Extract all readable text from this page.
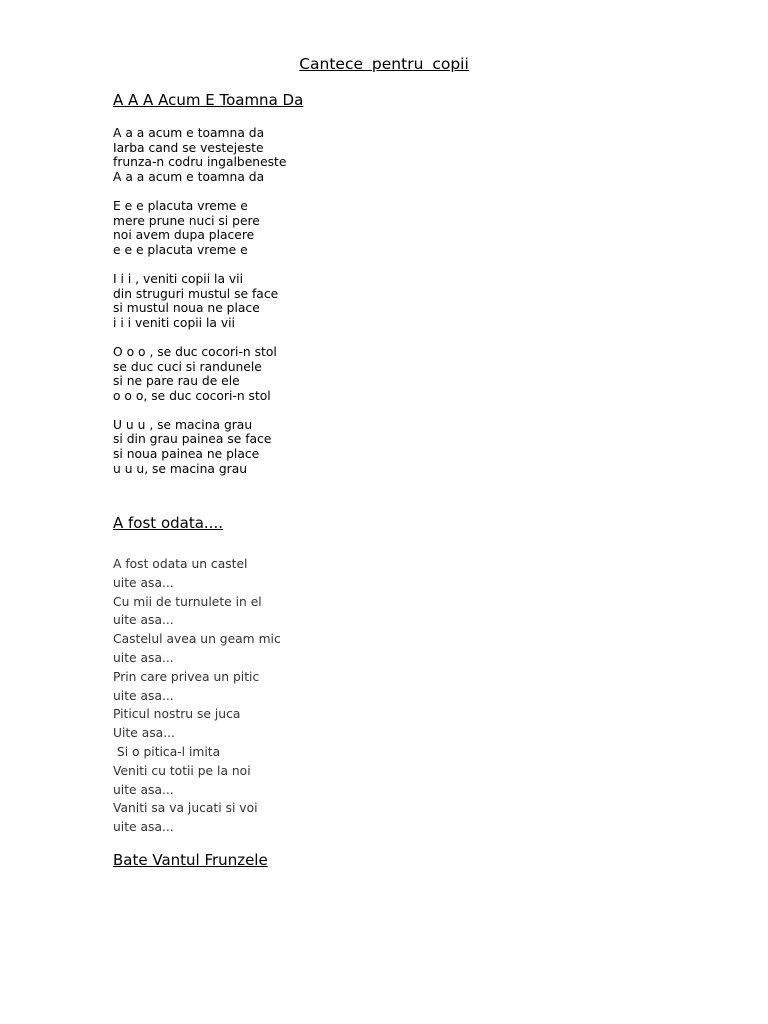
Cantece pentru copii
A A A Acum E Toamna Da
A a a acum e toamna da
Iarba cand se vestejeste
frunza-n codru ingalbeneste
A a a acum e toamna da
E e e placuta vreme e
mere prune nuci si pere
noi avem dupa placere
e e e placuta vreme e
I i i , veniti copii la vii
din struguri mustul se face
si mustul noua ne place
i i i veniti copii la vii
O o o , se duc cocori-n stol
se duc cuci si randunele
si ne pare rau de ele
o o o, se duc cocori-n stol
U u u , se macina grau
si din grau painea se face
si noua painea ne place
u u u, se macina grau
A fost odata....
A fost odata un castel
uite asa...
Cu mii de turnulete in el
uite asa...
Castelul avea un geam mic
uite asa...
Prin care privea un pitic
uite asa...
Piticul nostru se juca
Uite asa...
Si o pitica-l imita
Veniti cu totii pe la noi
uite asa...
Vaniti sa va jucati si voi
uite asa...
Bate Vantul Frunzele
